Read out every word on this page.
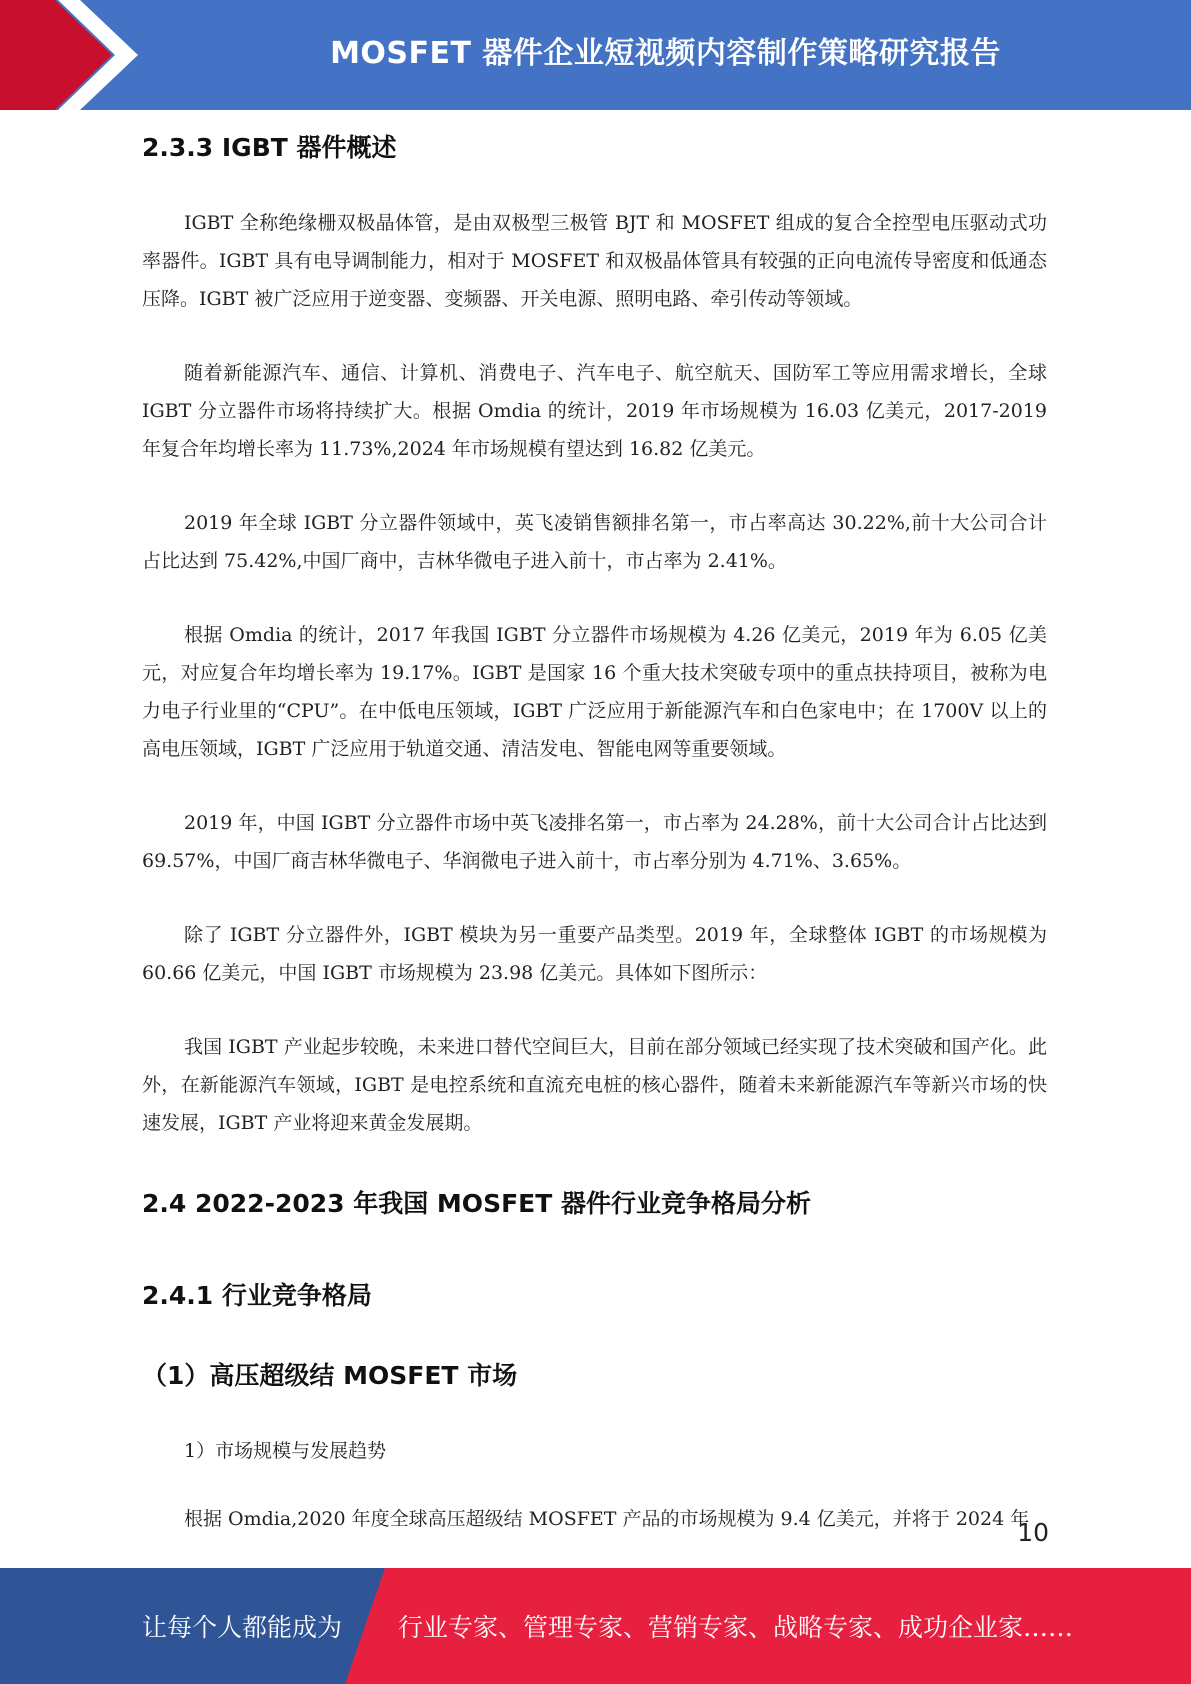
MOSFET 器件企业短视频内容制作策略研究报告
2.3.3 IGBT 器件概述

IGBT 全称绝缘栅双极晶体管，是由双极型三极管 BJT 和 MOSFET 组成的复合全控型电压驱动式功率器件。IGBT 具有电导调制能力，相对于 MOSFET 和双极晶体管具有较强的正向电流传导密度和低通态压降。IGBT 被广泛应用于逆变器、变频器、开关电源、照明电路、牵引传动等领域。

随着新能源汽车、通信、计算机、消费电子、汽车电子、航空航天、国防军工等应用需求增长，全球 IGBT 分立器件市场将持续扩大。根据 Omdia 的统计，2019 年市场规模为 16.03 亿美元，2017-2019 年复合年均增长率为 11.73%,2024 年市场规模有望达到 16.82 亿美元。

2019 年全球 IGBT 分立器件领域中，英飞凌销售额排名第一，市占率高达 30.22%,前十大公司合计占比达到 75.42%,中国厂商中，吉林华微电子进入前十，市占率为 2.41%。

根据 Omdia 的统计，2017 年我国 IGBT 分立器件市场规模为 4.26 亿美元，2019 年为 6.05 亿美元，对应复合年均增长率为 19.17%。IGBT 是国家 16 个重大技术突破专项中的重点扶持项目，被称为电力电子行业里的“CPU”。在中低电压领域，IGBT 广泛应用于新能源汽车和白色家电中；在 1700V 以上的高电压领域，IGBT 广泛应用于轨道交通、清洁发电、智能电网等重要领域。

2019 年，中国 IGBT 分立器件市场中英飞凌排名第一，市占率为 24.28%，前十大公司合计占比达到 69.57%，中国厂商吉林华微电子、华润微电子进入前十，市占率分别为 4.71%、3.65%。

除了 IGBT 分立器件外，IGBT 模块为另一重要产品类型。2019 年，全球整体 IGBT 的市场规模为 60.66 亿美元，中国 IGBT 市场规模为 23.98 亿美元。具体如下图所示：

我国 IGBT 产业起步较晚，未来进口替代空间巨大，目前在部分领域已经实现了技术突破和国产化。此外，在新能源汽车领域，IGBT 是电控系统和直流充电桩的核心器件，随着未来新能源汽车等新兴市场的快速发展，IGBT 产业将迎来黄金发展期。

2.4 2022-2023 年我国 MOSFET 器件行业竞争格局分析
2.4.1 行业竞争格局
（1）高压超级结 MOSFET 市场

1）市场规模与发展趋势

根据 Omdia,2020 年度全球高压超级结 MOSFET 产品的市场规模为 9.4 亿美元，并将于 2024 年

10
让每个人都能成为 行业专家、管理专家、营销专家、战略专家、成功企业家……
